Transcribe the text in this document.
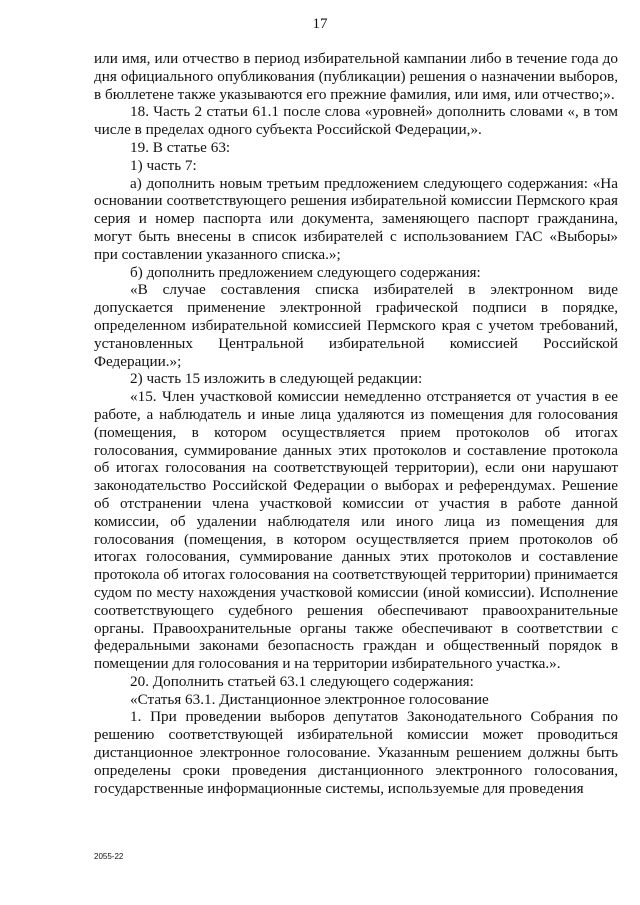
17

или имя, или отчество в период избирательной кампании либо в течение года до дня официального опубликования (публикации) решения о назначении выборов, в бюллетене также указываются его прежние фамилия, или имя, или отчество;».

18. Часть 2 статьи 61.1 после слова «уровней» дополнить словами «, в том числе в пределах одного субъекта Российской Федерации,».

19. В статье 63:

1) часть 7:

а) дополнить новым третьим предложением следующего содержания: «На основании соответствующего решения избирательной комиссии Пермского края серия и номер паспорта или документа, заменяющего паспорт гражданина, могут быть внесены в список избирателей с использованием ГАС «Выборы» при составлении указанного списка.»;

б) дополнить предложением следующего содержания:

«В случае составления списка избирателей в электронном виде допускается применение электронной графической подписи в порядке, определенном избирательной комиссией Пермского края с учетом требований, установленных Центральной избирательной комиссией Российской Федерации.»;

2) часть 15 изложить в следующей редакции:

«15. Член участковой комиссии немедленно отстраняется от участия в ее работе, а наблюдатель и иные лица удаляются из помещения для голосования (помещения, в котором осуществляется прием протоколов об итогах голосования, суммирование данных этих протоколов и составление протокола об итогах голосования на соответствующей территории), если они нарушают законодательство Российской Федерации о выборах и референдумах. Решение об отстранении члена участковой комиссии от участия в работе данной комиссии, об удалении наблюдателя или иного лица из помещения для голосования (помещения, в котором осуществляется прием протоколов об итогах голосования, суммирование данных этих протоколов и составление протокола об итогах голосования на соответствующей территории) принимается судом по месту нахождения участковой комиссии (иной комиссии). Исполнение соответствующего судебного решения обеспечивают правоохранительные органы. Правоохранительные органы также обеспечивают в соответствии с федеральными законами безопасность граждан и общественный порядок в помещении для голосования и на территории избирательного участка.».

20. Дополнить статьей 63.1 следующего содержания:

«Статья 63.1. Дистанционное электронное голосование

1. При проведении выборов депутатов Законодательного Собрания по решению соответствующей избирательной комиссии может проводиться дистанционное электронное голосование. Указанным решением должны быть определены сроки проведения дистанционного электронного голосования, государственные информационные системы, используемые для проведения

2055-22
